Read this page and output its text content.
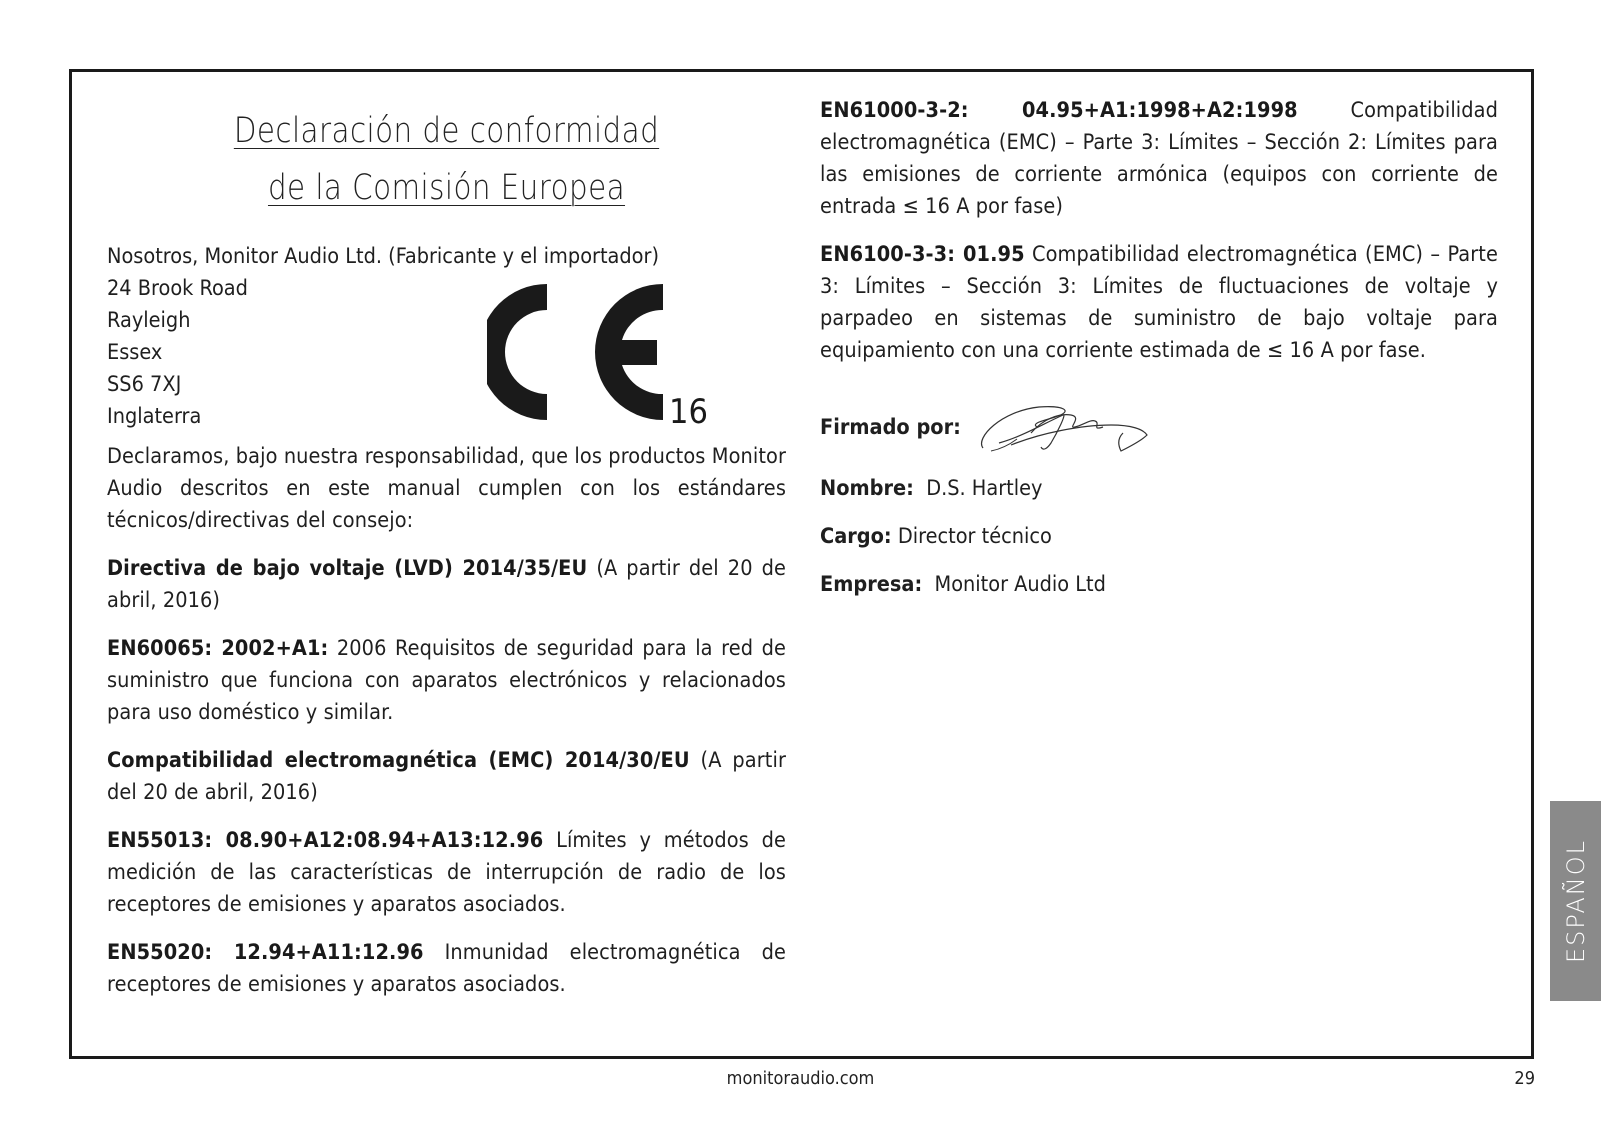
Declaración de conformidad
de la Comisión Europea
Nosotros, Monitor Audio Ltd. (Fabricante y el importador)
24 Brook Road
Rayleigh
Essex
SS6 7XJ
Inglaterra	16

Declaramos, bajo nuestra responsabilidad, que los productos Monitor Audio descritos en este manual cumplen con los estándares técnicos/directivas del consejo:

Directiva de bajo voltaje (LVD) 2014/35/EU (A partir del 20 de abril, 2016)

EN60065: 2002+A1: 2006 Requisitos de seguridad para la red de suministro que funciona con aparatos electrónicos y relacionados para uso doméstico y similar.

Compatibilidad electromagnética (EMC) 2014/30/EU (A partir del 20 de abril, 2016)

EN55013: 08.90+A12:08.94+A13:12.96 Límites y métodos de medición de las características de interrupción de radio de los receptores de emisiones y aparatos asociados.

EN55020: 12.94+A11:12.96 Inmunidad electromagnética de receptores de emisiones y aparatos asociados.

EN61000-3-2: 04.95+A1:1998+A2:1998 Compatibilidad electromagnética (EMC) – Parte 3: Límites – Sección 2: Límites para las emisiones de corriente armónica (equipos con corriente de entrada ≤ 16 A por fase)

EN6100-3-3: 01.95 Compatibilidad electromagnética (EMC) – Parte 3: Límites – Sección 3: Límites de fluctuaciones de voltaje y parpadeo en sistemas de suministro de bajo voltaje para equipamiento con una corriente estimada de ≤ 16 A por fase.

Firmado por:

Nombre: D.S. Hartley

Cargo: Director técnico

Empresa: Monitor Audio Ltd

ESPAÑOL
monitoraudio.com	29
